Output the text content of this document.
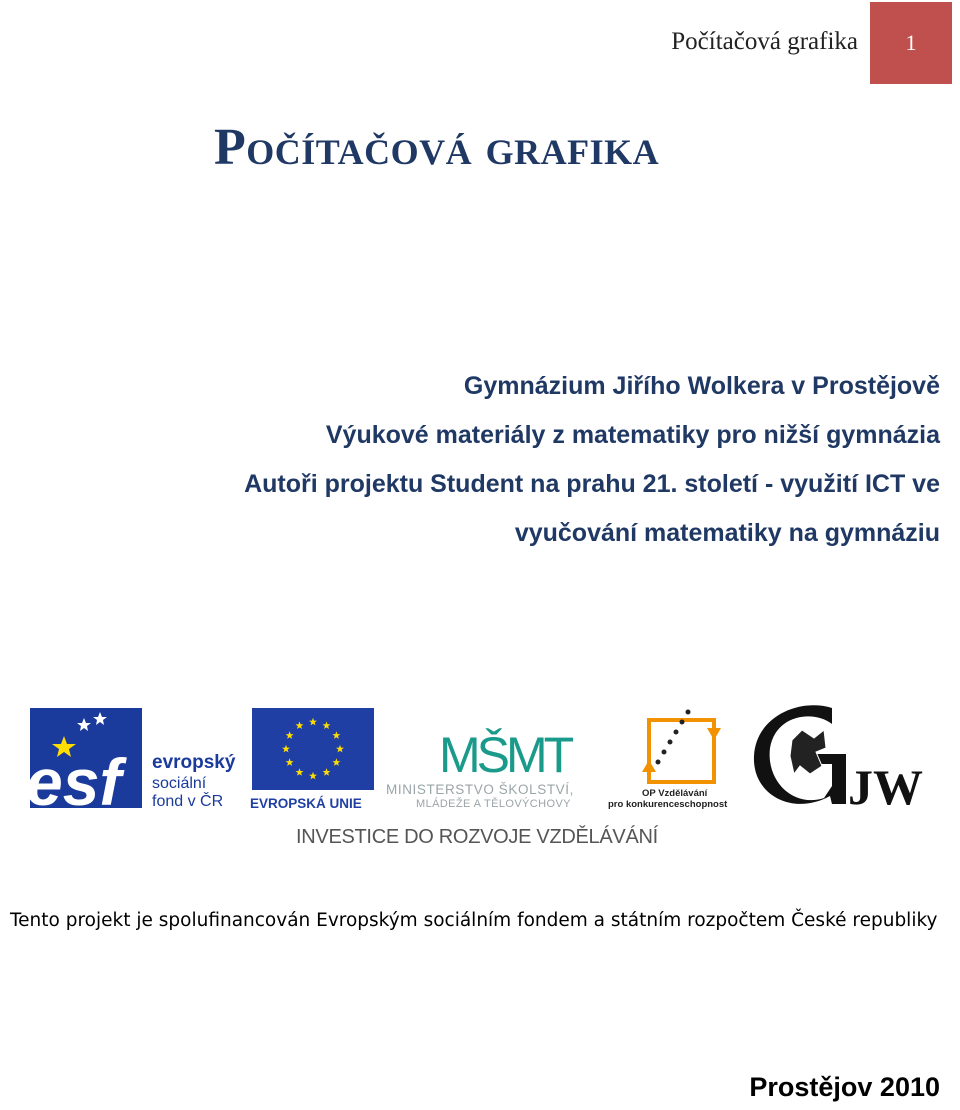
Počítačová grafika 1
Počítačová grafika
Gymnázium Jiřího Wolkera v Prostějově
Výukové materiály z matematiky pro nižší gymnázia
Autoři projektu Student na prahu 21. století - využití ICT ve
vyučování matematiky na gymnáziu
esf	evropský
sociální
fond v ČR EVROPSKÁ UNIE
MŠMT
MINISTERSTVO ŠKOLSTVÍ,
MLÁDEŽE A TĚLOVÝCHOVY
OP Vzdělávání
pro konkurenceschopnost JW
INVESTICE DO ROZVOJE VZDĚLÁVÁNÍ
Tento projekt je spolufinancován Evropským sociálním fondem a státním rozpočtem České republiky
Prostějov 2010
